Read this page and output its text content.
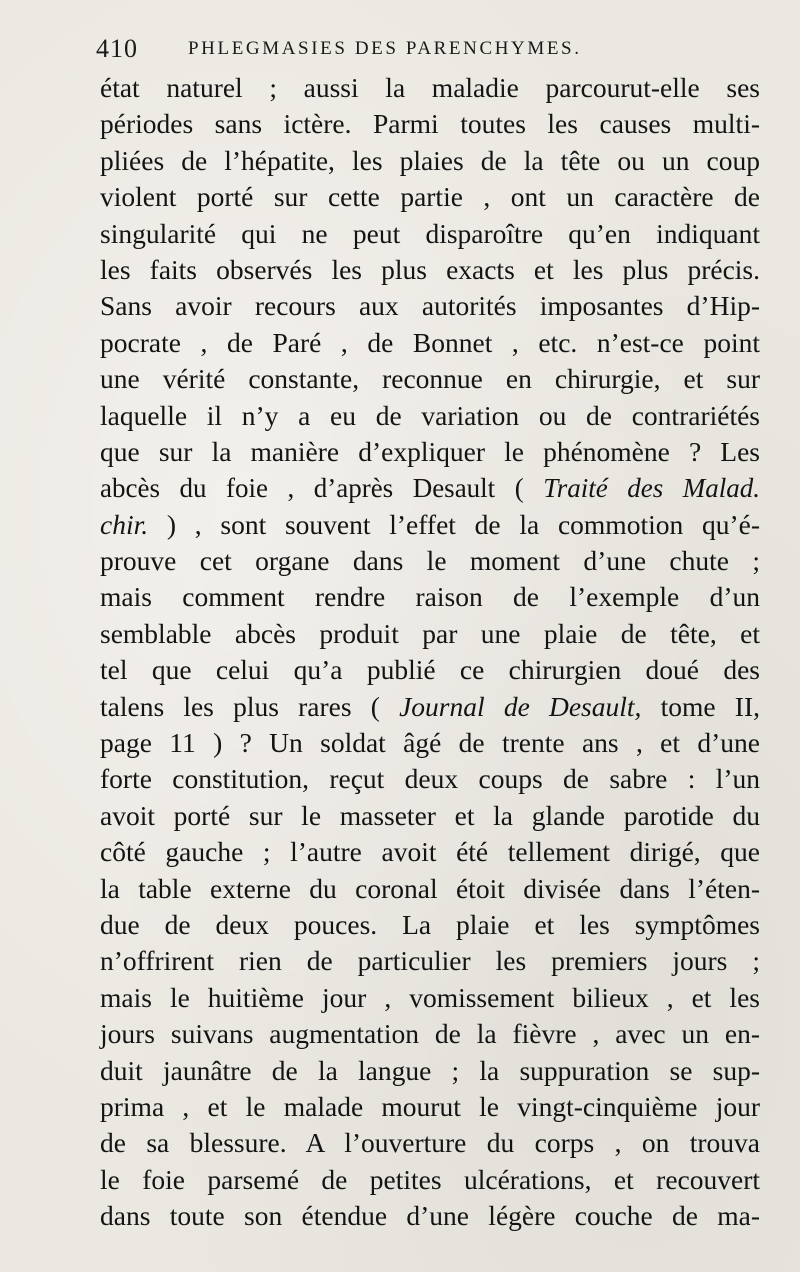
410	PHLEGMASIES DES PARENCHYMES.
état naturel ; aussi la maladie parcourut-elle ses
périodes sans ictère. Parmi toutes les causes multi-
pliées de l’hépatite, les plaies de la tête ou un coup
violent porté sur cette partie , ont un caractère de
singularité qui ne peut disparoître qu’en indiquant
les faits observés les plus exacts et les plus précis.
Sans avoir recours aux autorités imposantes d’Hip-
pocrate , de Paré , de Bonnet , etc. n’est-ce point
une vérité constante, reconnue en chirurgie, et sur
laquelle il n’y a eu de variation ou de contrariétés
que sur la manière d’expliquer le phénomène ? Les
abcès du foie , d’après Desault ( Traité des Malad.
chir. ) , sont souvent l’effet de la commotion qu’é-
prouve cet organe dans le moment d’une chute ;
mais comment rendre raison de l’exemple d’un
semblable abcès produit par une plaie de tête, et
tel que celui qu’a publié ce chirurgien doué des
talens les plus rares ( Journal de Desault, tome II,
page 11 ) ? Un soldat âgé de trente ans , et d’une
forte constitution, reçut deux coups de sabre : l’un
avoit porté sur le masseter et la glande parotide du
côté gauche ; l’autre avoit été tellement dirigé, que
la table externe du coronal étoit divisée dans l’éten-
due de deux pouces. La plaie et les symptômes
n’offrirent rien de particulier les premiers jours ;
mais le huitième jour , vomissement bilieux , et les
jours suivans augmentation de la fièvre , avec un en-
duit jaunâtre de la langue ; la suppuration se sup-
prima , et le malade mourut le vingt-cinquième jour
de sa blessure. A l’ouverture du corps , on trouva
le foie parsemé de petites ulcérations, et recouvert
dans toute son étendue d’une légère couche de ma-
